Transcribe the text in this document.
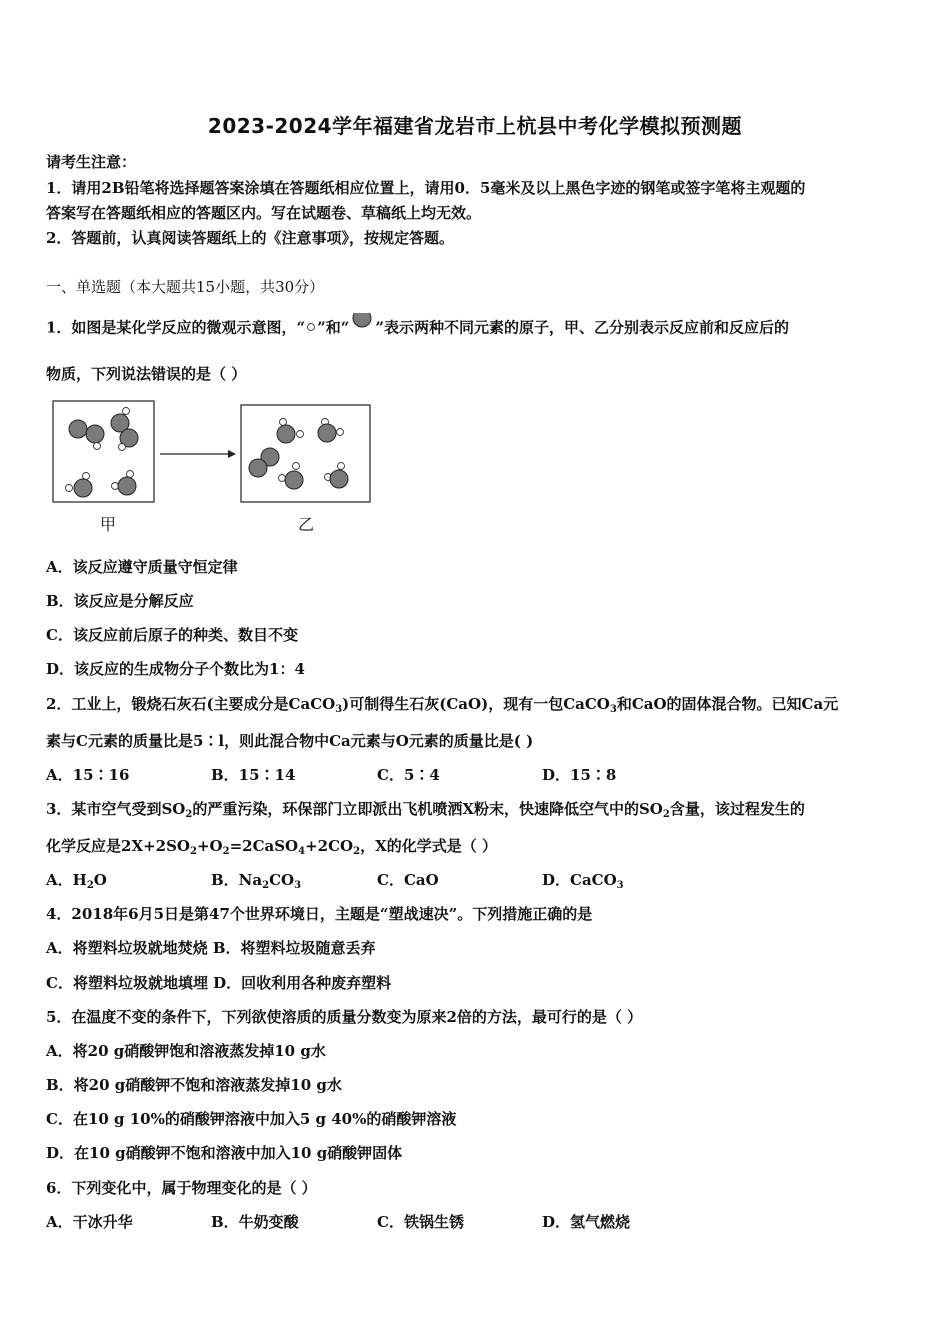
2023-2024学年福建省龙岩市上杭县中考化学模拟预测题
请考生注意：
1．请用2B铅笔将选择题答案涂填在答题纸相应位置上，请用0．5毫米及以上黑色字迹的钢笔或签字笔将主观题的
答案写在答题纸相应的答题区内。写在试题卷、草稿纸上均无效。
2．答题前，认真阅读答题纸上的《注意事项》，按规定答题。
一、单选题（本大题共15小题，共30分）
1．如图是某化学反应的微观示意图，“ ”和“ ”表示两种不同元素的原子，甲、乙分别表示反应前和反应后的
物质，下列说法错误的是（ ）
甲	乙
A．该反应遵守质量守恒定律
B．该反应是分解反应
C．该反应前后原子的种类、数目不变
D．该反应的生成物分子个数比为1：4
2．工业上，锻烧石灰石(主要成分是CaCO$_3$)可制得生石灰(CaO)，现有一包CaCO$_3$和CaO的固体混合物。已知Ca元
素与C元素的质量比是5∶l，则此混合物中Ca元素与O元素的质量比是( )
A．15∶16	B．15∶14	C．5∶4	D．15∶8
3．某市空气受到$SO_2$的严重污染，环保部门立即派出飞机喷洒X粉末，快速降低空气中的$SO_2$含量，该过程发生的
化学反应是$2X+2SO_2+O_2=2CaSO_4+2CO_2$，X的化学式是（ ）
A．$H_2O$	B．$Na_2CO_3$	C．CaO	D．CaCO$_3$
4．2018年6月5日是第47个世界环境日，主题是“塑战速决”。下列措施正确的是
A．将塑料垃圾就地焚烧 B．将塑料垃圾随意丢弃
C．将塑料垃圾就地填埋 D．回收利用各种废弃塑料
5．在温度不变的条件下，下列欲使溶质的质量分数变为原来2倍的方法，最可行的是（ ）
A．将20 g硝酸钾饱和溶液蒸发掉10 g水
B．将20 g硝酸钾不饱和溶液蒸发掉10 g水
C．在10 g 10%的硝酸钾溶液中加入5 g 40%的硝酸钾溶液
D．在10 g硝酸钾不饱和溶液中加入10 g硝酸钾固体
6．下列变化中，属于物理变化的是（ ）
A．干冰升华	B．牛奶变酸	C．铁锅生锈	D．氢气燃烧
